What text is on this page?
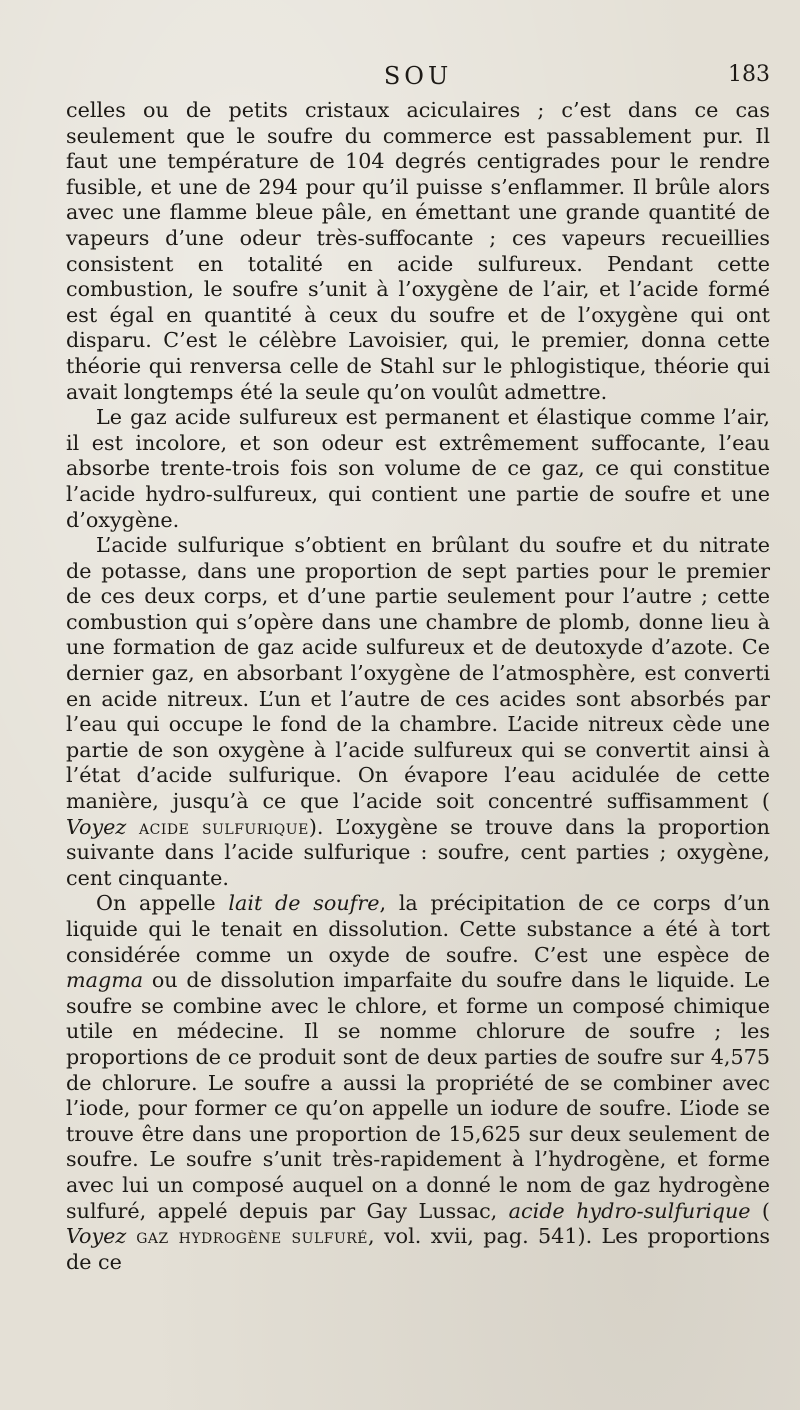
SOU	183

celles ou de petits cristaux aciculaires ; c’est dans ce cas seulement que le soufre du commerce est passablement pur. Il faut une température de 104 degrés centigrades pour le rendre fusible, et une de 294 pour qu’il puisse s’enflammer. Il brûle alors avec une flamme bleue pâle, en émettant une grande quantité de vapeurs d’une odeur très-suffocante ; ces vapeurs recueillies consistent en totalité en acide sulfureux. Pendant cette combustion, le soufre s’unit à l’oxygène de l’air, et l’acide formé est égal en quantité à ceux du soufre et de l’oxygène qui ont disparu. C’est le célèbre Lavoisier, qui, le premier, donna cette théorie qui renversa celle de Stahl sur le phlogistique, théorie qui avait longtemps été la seule qu’on voulût admettre.

Le gaz acide sulfureux est permanent et élastique comme l’air, il est incolore, et son odeur est extrêmement suffocante, l’eau absorbe trente-trois fois son volume de ce gaz, ce qui constitue l’acide hydro-sulfureux, qui contient une partie de soufre et une d’oxygène.

L’acide sulfurique s’obtient en brûlant du soufre et du nitrate de potasse, dans une proportion de sept parties pour le premier de ces deux corps, et d’une partie seulement pour l’autre ; cette combustion qui s’opère dans une chambre de plomb, donne lieu à une formation de gaz acide sulfureux et de deutoxyde d’azote. Ce dernier gaz, en absorbant l’oxygène de l’atmosphère, est converti en acide nitreux. L’un et l’autre de ces acides sont absorbés par l’eau qui occupe le fond de la chambre. L’acide nitreux cède une partie de son oxygène à l’acide sulfureux qui se convertit ainsi à l’état d’acide sulfurique. On évapore l’eau acidulée de cette manière, jusqu’à ce que l’acide soit concentré suffisamment ( Voyez acide sulfurique). L’oxygène se trouve dans la proportion suivante dans l’acide sulfurique : soufre, cent parties ; oxygène, cent cinquante.

On appelle lait de soufre, la précipitation de ce corps d’un liquide qui le tenait en dissolution. Cette substance a été à tort considérée comme un oxyde de soufre. C’est une espèce de magma ou de dissolution imparfaite du soufre dans le liquide. Le soufre se combine avec le chlore, et forme un composé chimique utile en médecine. Il se nomme chlorure de soufre ; les proportions de ce produit sont de deux parties de soufre sur 4,575 de chlorure. Le soufre a aussi la propriété de se combiner avec l’iode, pour former ce qu’on appelle un iodure de soufre. L’iode se trouve être dans une proportion de 15,625 sur deux seulement de soufre. Le soufre s’unit très-rapidement à l’hydrogène, et forme avec lui un composé auquel on a donné le nom de gaz hydrogène sulfuré, appelé depuis par Gay Lussac, acide hydro-sulfurique ( Voyez gaz hydrogène sulfuré, vol. xvii, pag. 541). Les proportions de ce
